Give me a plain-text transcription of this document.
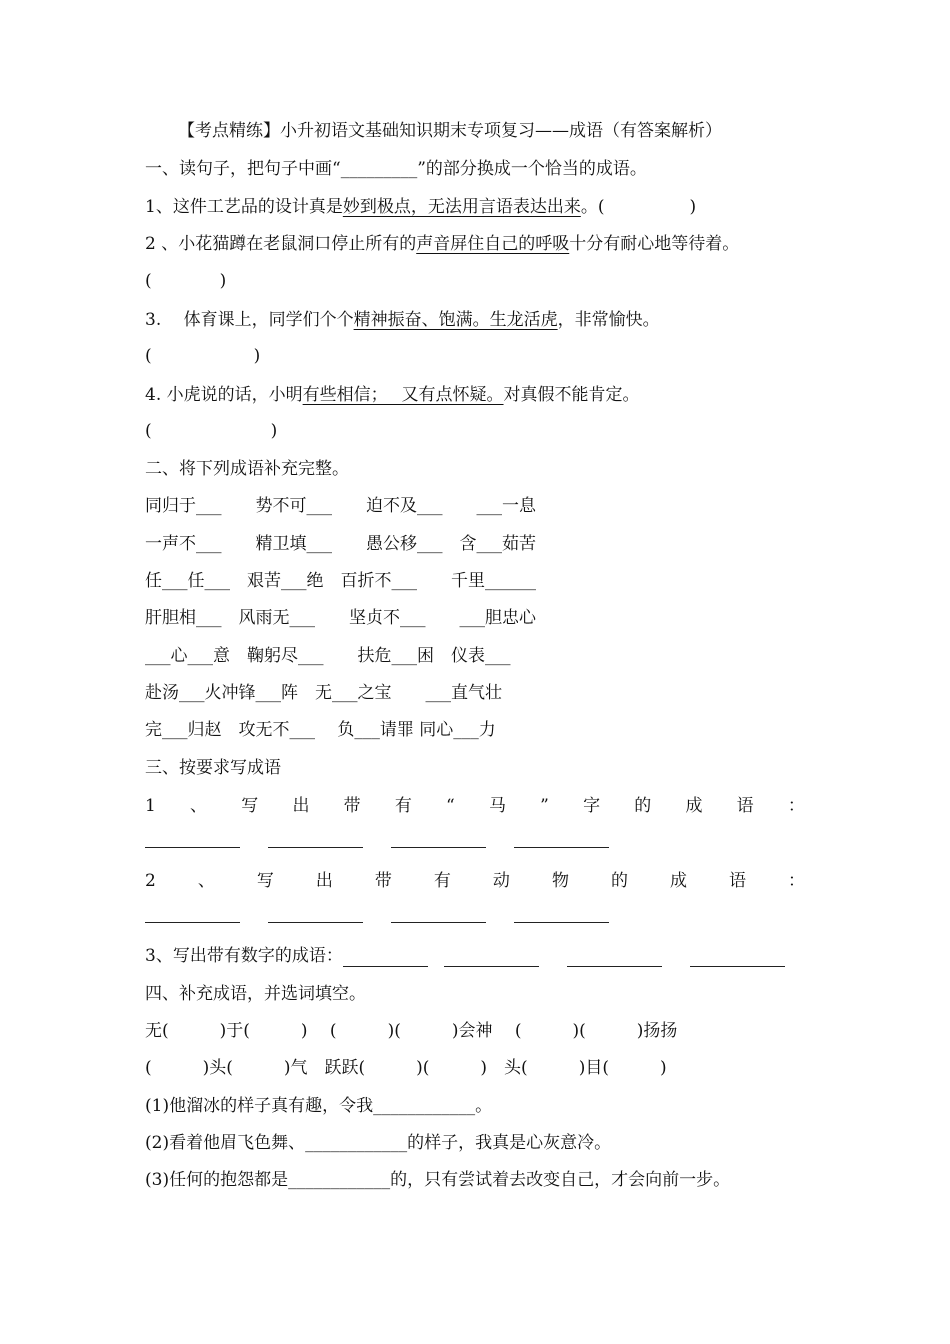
【考点精练】小升初语文基础知识期末专项复习——成语（有答案解析）
一、读句子，把句子中画“_________”的部分换成一个恰当的成语。
1、这件工艺品的设计真是妙到极点，无法用言语表达出来。(　　　　　)
2 、小花猫蹲在老鼠洞口停止所有的声音屏住自己的呼吸十分有耐心地等待着。
(　　　　)
3.　 体育课上，同学们个个精神振奋、饱满。生龙活虎，非常愉快。
(　　　　　　)
4. 小虎说的话，小明有些相信；　 又有点怀疑。对真假不能肯定。
(　　　　　　　)
二、将下列成语补充完整。
同归于___　　势不可___　　迫不及___　　___一息
一声不___　　精卫填___　　愚公移___　含___茹苦
任___任___　艰苦___绝　百折不___　　千里______
肝胆相___　风雨无___　　坚贞不___　　___胆忠心
___心___意　鞠躬尽___　　扶危___困　仪表___
赴汤___火冲锋___阵　无___之宝　　___直气壮
完___归赵　攻无不___　 负___请罪 同心___力
三、按要求写成语
1 、 写 出 带 有 “ 马 ” 字 的 成 语 ：
2 、 写 出 带 有 动 物 的 成 语 ：
3、写出带有数字的成语：
四、补充成语，并选词填空。
无(　　　)于(　　　)　 (　　　)(　　　)会神　 (　　　)(　　　)扬扬
(　　　)头(　　　)气　跃跃(　　　)(　　　)　头(　　　)目(　　　)
(1)他溜冰的样子真有趣，令我____________。
(2)看着他眉飞色舞、____________的样子，我真是心灰意冷。
(3)任何的抱怨都是____________的，只有尝试着去改变自己，才会向前一步。
